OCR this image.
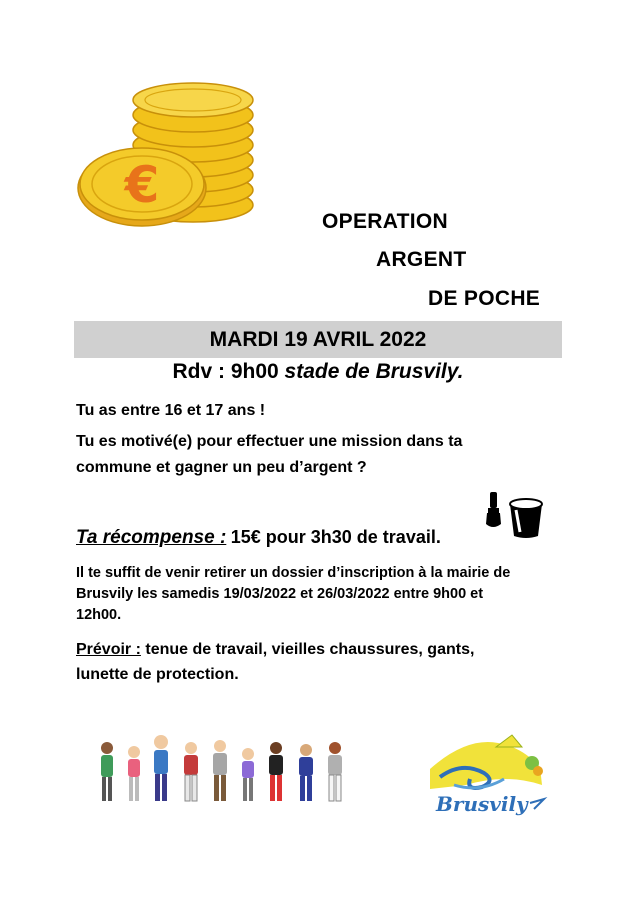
€
OPERATION
ARGENT
DE POCHE
MARDI 19 AVRIL 2022
Rdv : 9h00 stade de Brusvily.
Tu as entre 16 et 17 ans !
Tu es motivé(e) pour effectuer une mission dans ta
commune et gagner un peu d’argent ?
Ta récompense : 15€ pour 3h30 de travail.
Il te suffit de venir retirer un dossier d’inscription à la mairie de
Brusvily les samedis 19/03/2022 et 26/03/2022 entre 9h00 et
12h00.
Prévoir : tenue de travail, vieilles chaussures, gants,
lunette de protection.
Brusvily
